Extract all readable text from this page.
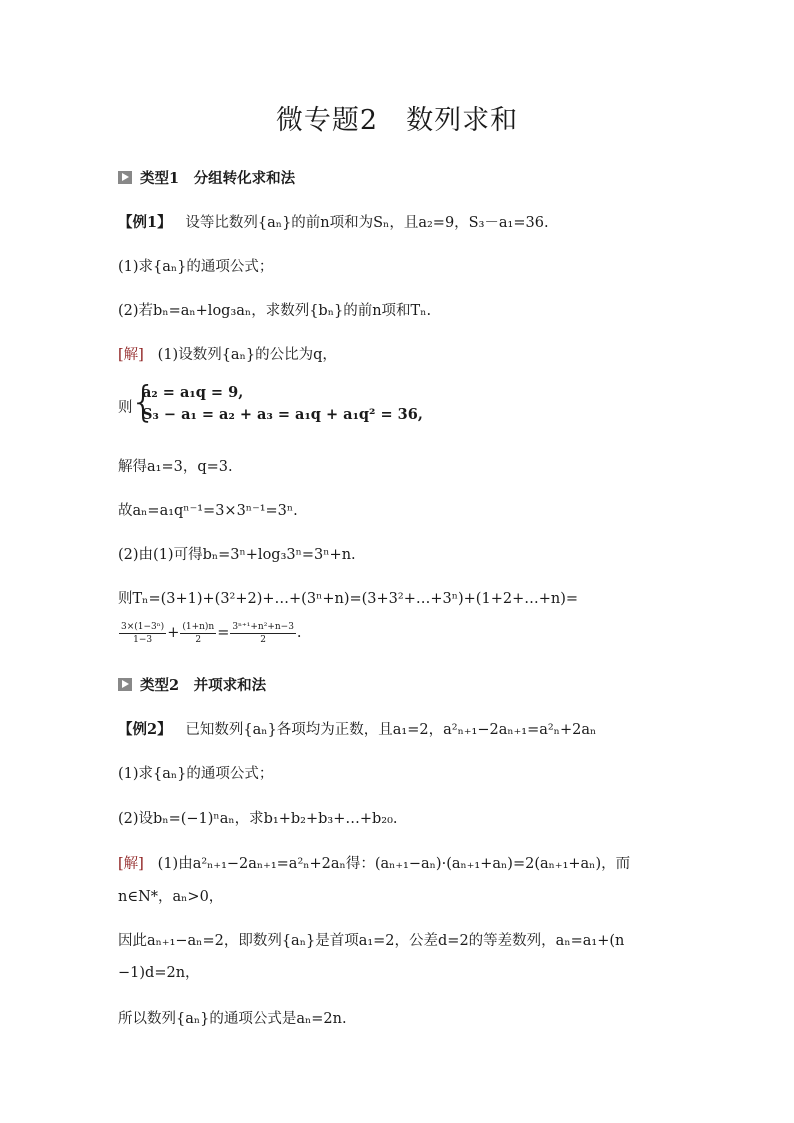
微专题2　数列求和
类型1　分组转化求和法
【例1】 设等比数列{aₙ}的前n项和为Sₙ，且a₂=9，S₃－a₁=36.
(1)求{aₙ}的通项公式；
(2)若bₙ=aₙ+log₃aₙ，求数列{bₙ}的前n项和Tₙ.
[解] (1)设数列{aₙ}的公比为q，
则
{
a₂ = a₁q = 9,
S₃ − a₁ = a₂ + a₃ = a₁q + a₁q² = 36,
解得a₁=3，q=3.
故aₙ=a₁qⁿ⁻¹=3×3ⁿ⁻¹=3ⁿ.
(2)由(1)可得bₙ=3ⁿ+log₃3ⁿ=3ⁿ+n.
则Tₙ=(3+1)+(3²+2)+…+(3ⁿ+n)=(3+3²+…+3ⁿ)+(1+2+…+n)=
$\frac{\text{3×(1−3ⁿ)}}{1-3} + \frac{(1+n)n}{2} = \frac{\text{3ⁿ⁺¹+n²+n−3}}{2}$ .
类型2　并项求和法
【例2】 已知数列{aₙ}各项均为正数，且a₁=2，a²ₙ₊₁−2aₙ₊₁=a²ₙ+2aₙ
(1)求{aₙ}的通项公式；
(2)设bₙ=(−1)ⁿaₙ，求b₁+b₂+b₃+…+b₂₀.
[解] (1)由a²ₙ₊₁−2aₙ₊₁=a²ₙ+2aₙ得：(aₙ₊₁−aₙ)·(aₙ₊₁+aₙ)=2(aₙ₊₁+aₙ)，而
n∈N*，aₙ>0，
因此aₙ₊₁−aₙ=2，即数列{aₙ}是首项a₁=2，公差d=2的等差数列，aₙ=a₁+(n
−1)d=2n，
所以数列{aₙ}的通项公式是aₙ=2n.
